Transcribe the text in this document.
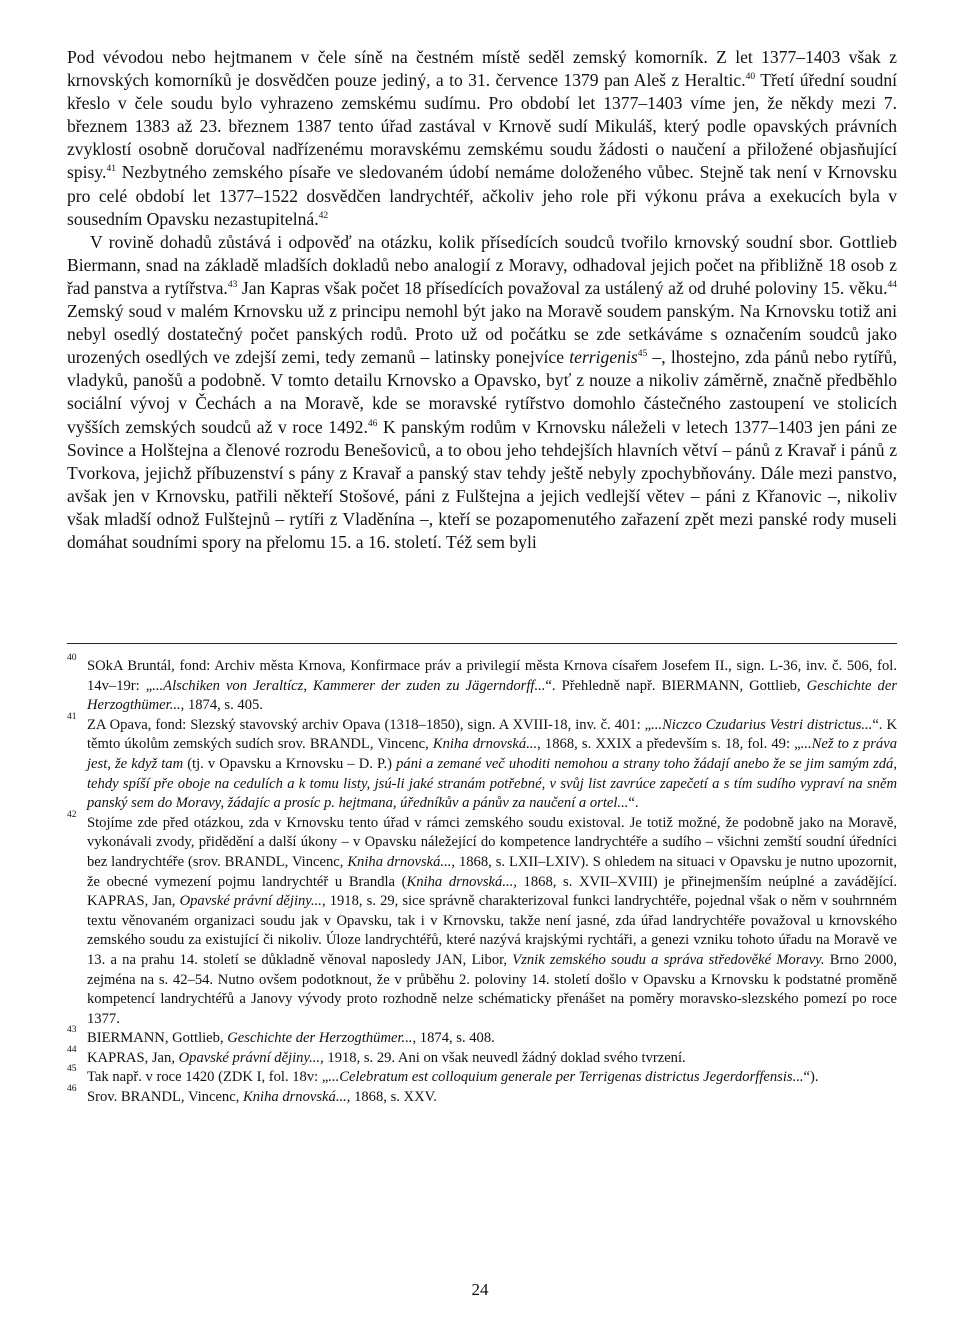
Pod vévodou nebo hejtmanem v čele síně na čestném místě seděl zemský komorník. Z let 1377–1403 však z krnovských komorníků je dosvědčen pouze jediný, a to 31. července 1379 pan Aleš z Heraltic.$^{40}$ Třetí úřední soudní křeslo v čele soudu bylo vyhrazeno zemskému sudímu. Pro období let 1377–1403 víme jen, že někdy mezi 7. březnem 1383 až 23. březnem 1387 tento úřad zastával v Krnově sudí Mikuláš, který podle opavských právních zvyklostí osobně doručoval nadřízenému moravskému zemskému soudu žádosti o naučení a přiložené objasňující spisy.$^{41}$ Nezbytného zemského písaře ve sledovaném údobí nemáme doloženého vůbec. Stejně tak není v Krnovsku pro celé období let 1377–1522 dosvědčen landrychtéř, ačkoliv jeho role při výkonu práva a exekucích byla v sousedním Opavsku nezastupitelná.$^{42}$

V rovině dohadů zůstává i odpověď na otázku, kolik přísedících soudců tvořilo krnovský soudní sbor. Gottlieb Biermann, snad na základě mladších dokladů nebo analogií z Moravy, odhadoval jejich počet na přibližně 18 osob z řad panstva a rytířstva.$^{43}$ Jan Kapras však počet 18 přísedících považoval za ustálený až od druhé poloviny 15. věku.$^{44}$ Zemský soud v malém Krnovsku už z principu nemohl být jako na Moravě soudem panským. Na Krnovsku totiž ani nebyl osedlý dostatečný počet panských rodů. Proto už od počátku se zde setkáváme s označením soudců jako urozených osedlých ve zdejší zemi, tedy zemanů – latinsky ponejvíce terrigenis$^{45}$ –, lhostejno, zda pánů nebo rytířů, vladyků, panošů a podobně. V tomto detailu Krnovsko a Opavsko, byť z nouze a nikoliv záměrně, značně předběhlo sociální vývoj v Čechách a na Moravě, kde se moravské rytířstvo domohlo částečného zastoupení ve stolicích vyšších zemských soudců až v roce 1492.46 K panským rodům v Krnovsku náleželi v letech 1377–1403 jen páni ze Sovince a Holštejna a členové rozrodu Benešoviců, a to obou jeho tehdejších hlavních větví – pánů z Kravař i pánů z Tvorkova, jejichž příbuzenství s pány z Kravař a panský stav tehdy ještě nebyly zpochybňovány. Dále mezi panstvo, avšak jen v Krnovsku, patřili někteří Stošové, páni z Fulštejna a jejich vedlejší větev – páni z Křanovic –, nikoliv však mladší odnož Fulštejnů – rytíři z Vladěnína –, kteří se pozapomenutého zařazení zpět mezi panské rody museli domáhat soudními spory na přelomu 15. a 16. století. Též sem byli

40 SOkA Bruntál, fond: Archiv města Krnova, Konfirmace práv a privilegií města Krnova císařem Josefem II., sign. L-36, inv. č. 506, fol. 14v–19r: „...Alschiken von Jeraltícz, Kammerer der zuden zu Jägerndorff...“. Přehledně např. BIERMANN, Gottlieb, Geschichte der Herzogthümer..., 1874, s. 405.

41 ZA Opava, fond: Slezský stavovský archiv Opava (1318–1850), sign. A XVIII-18, inv. č. 401: „...Niczco Czudarius Vestri districtus...“. K těmto úkolům zemských sudích srov. BRANDL, Vincenc, Kniha drnovská..., 1868, s. XXIX a především s. 18, fol. 49: „...Než to z práva jest, že když tam (tj. v Opavsku a Krnovsku – D. P.) páni a zemané več uhoditi nemohou a strany toho žádají anebo že se jim samým zdá, tehdy spíší pře oboje na cedulích a k tomu listy, jsú-li jaké stranám potřebné, v svůj list zavrúce zapečetí a s tím sudího vypraví na sněm panský sem do Moravy, žádajíc a prosíc p. hejtmana, úředníkův a pánův za naučení a ortel...“.

42 Stojíme zde před otázkou, zda v Krnovsku tento úřad v rámci zemského soudu existoval. Je totiž možné, že podobně jako na Moravě, vykonávali zvody, přidědění a další úkony – v Opavsku náležející do kompetence landrychtéře a sudího – všichni zemští soudní úředníci bez landrychtéře (srov. BRANDL, Vincenc, Kniha drnovská..., 1868, s. LXII–LXIV). S ohledem na situaci v Opavsku je nutno upozornit, že obecné vymezení pojmu landrychtéř u Brandla (Kniha drnovská..., 1868, s. XVII–XVIII) je přinejmenším neúplné a zavádějící. KAPRAS, Jan, Opavské právní dějiny..., 1918, s. 29, sice správně charakterizoval funkci landrychtéře, pojednal však o něm v souhrnném textu věnovaném organizaci soudu jak v Opavsku, tak i v Krnovsku, takže není jasné, zda úřad landrychtéře považoval u krnovského zemského soudu za existující či nikoliv. Úloze landrychtéřů, které nazývá krajskými rychtáři, a genezi vzniku tohoto úřadu na Moravě ve 13. a na prahu 14. století se důkladně věnoval naposledy JAN, Libor, Vznik zemského soudu a správa středověké Moravy. Brno 2000, zejména na s. 42–54. Nutno ovšem podotknout, že v průběhu 2. poloviny 14. století došlo v Opavsku a Krnovsku k podstatné proměně kompetencí landrychtéřů a Janovy vývody proto rozhodně nelze schématicky přenášet na poměry moravsko-slezského pomezí po roce 1377.

43 BIERMANN, Gottlieb, Geschichte der Herzogthümer..., 1874, s. 408.

44 KAPRAS, Jan, Opavské právní dějiny..., 1918, s. 29. Ani on však neuvedl žádný doklad svého tvrzení.

45 Tak např. v roce 1420 (ZDK I, fol. 18v: „...Celebratum est colloquium generale per Terrigenas districtus Jegerdorffensis...“).

46 Srov. BRANDL, Vincenc, Kniha drnovská..., 1868, s. XXV.

24
